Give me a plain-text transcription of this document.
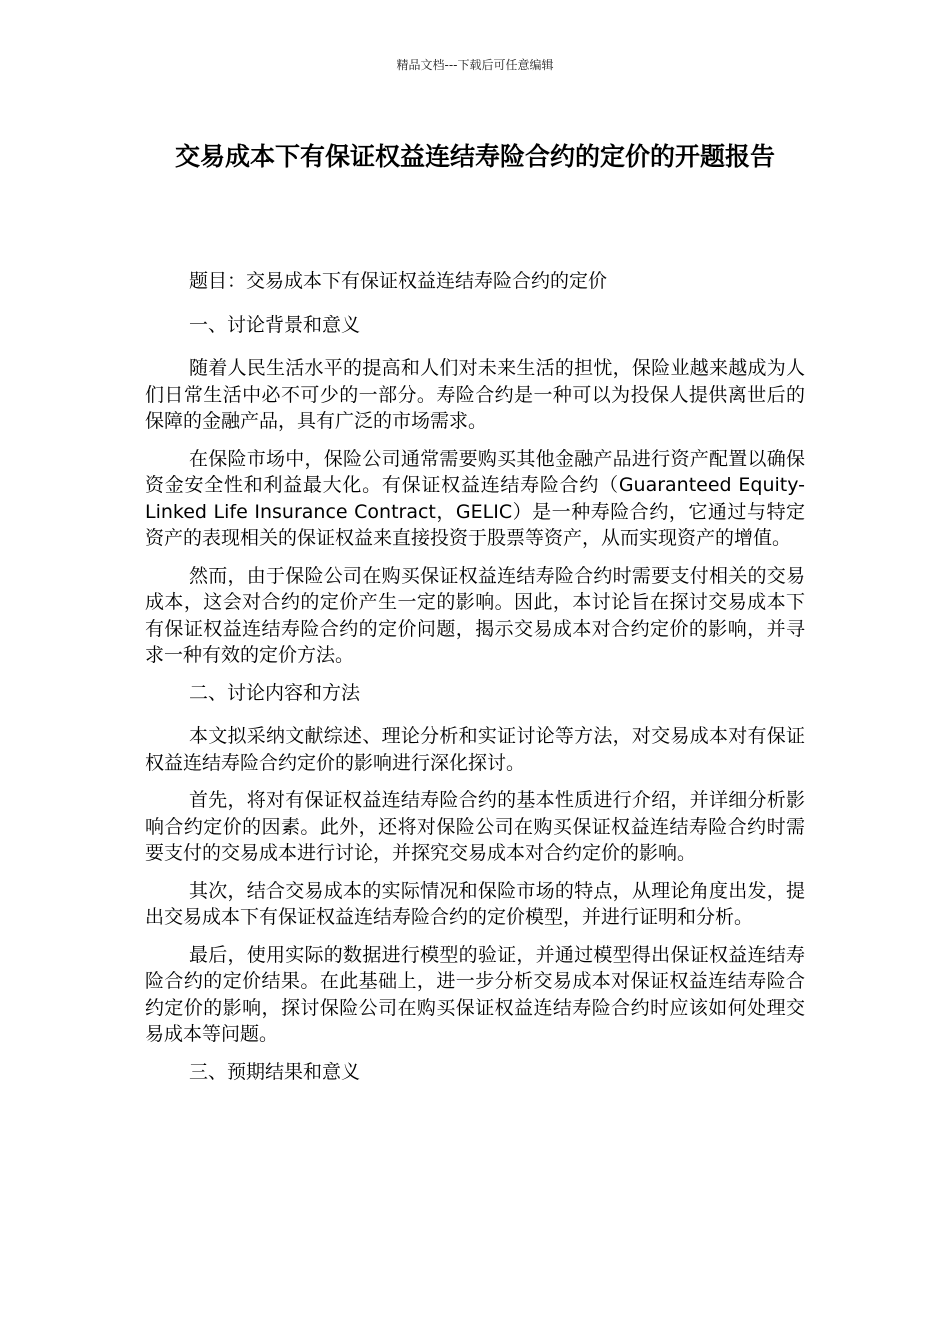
精品文档---下载后可任意编辑
交易成本下有保证权益连结寿险合约的定价的开题报告

题目：交易成本下有保证权益连结寿险合约的定价

一、讨论背景和意义

随着人民生活水平的提高和人们对未来生活的担忧，保险业越来越成为人们日常生活中必不可少的一部分。寿险合约是一种可以为投保人提供离世后的保障的金融产品，具有广泛的市场需求。

在保险市场中，保险公司通常需要购买其他金融产品进行资产配置以确保资金安全性和利益最大化。有保证权益连结寿险合约（Guaranteed Equity-Linked Life Insurance Contract，GELIC）是一种寿险合约，它通过与特定资产的表现相关的保证权益来直接投资于股票等资产，从而实现资产的增值。

然而，由于保险公司在购买保证权益连结寿险合约时需要支付相关的交易成本，这会对合约的定价产生一定的影响。因此，本讨论旨在探讨交易成本下有保证权益连结寿险合约的定价问题，揭示交易成本对合约定价的影响，并寻求一种有效的定价方法。

二、讨论内容和方法

本文拟采纳文献综述、理论分析和实证讨论等方法，对交易成本对有保证权益连结寿险合约定价的影响进行深化探讨。

首先，将对有保证权益连结寿险合约的基本性质进行介绍，并详细分析影响合约定价的因素。此外，还将对保险公司在购买保证权益连结寿险合约时需要支付的交易成本进行讨论，并探究交易成本对合约定价的影响。

其次，结合交易成本的实际情况和保险市场的特点，从理论角度出发，提出交易成本下有保证权益连结寿险合约的定价模型，并进行证明和分析。

最后，使用实际的数据进行模型的验证，并通过模型得出保证权益连结寿险合约的定价结果。在此基础上，进一步分析交易成本对保证权益连结寿险合约定价的影响，探讨保险公司在购买保证权益连结寿险合约时应该如何处理交易成本等问题。

三、预期结果和意义
